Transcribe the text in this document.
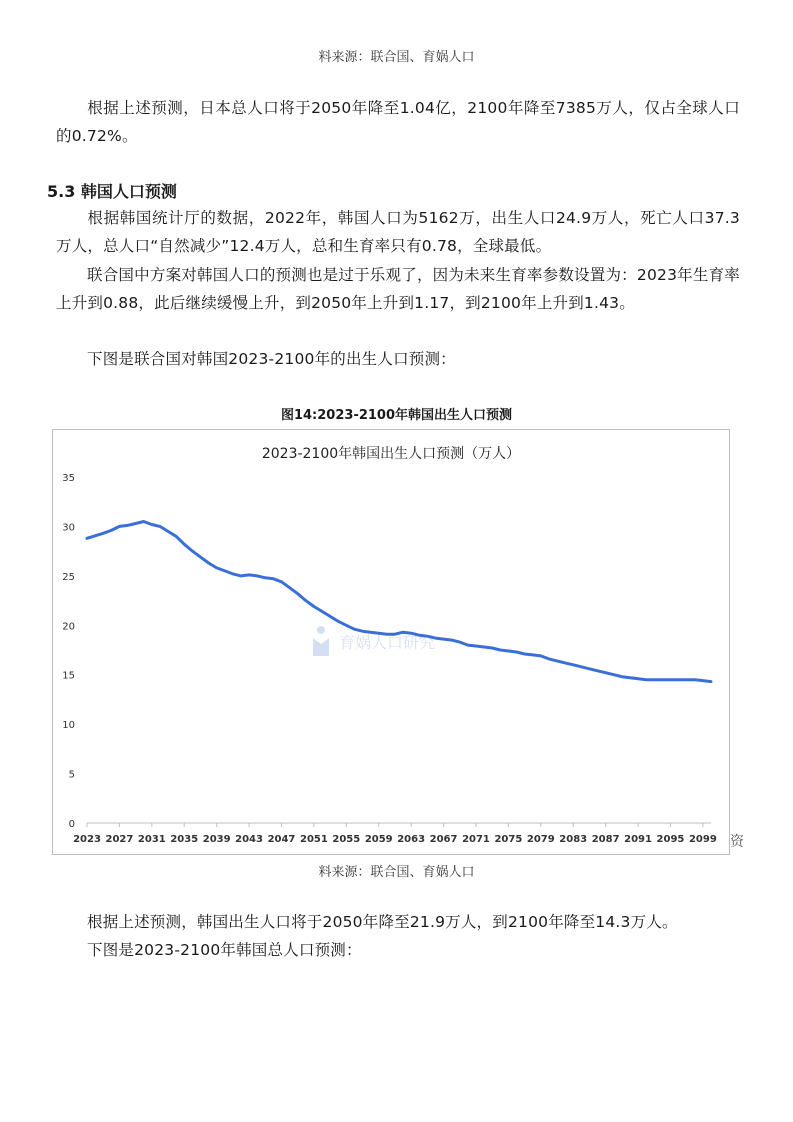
料来源：联合国、育娲人口

根据上述预测，日本总人口将于2050年降至1.04亿，2100年降至7385万人，仅占全球人口的0.72%。

5.3 韩国人口预测

根据韩国统计厅的数据，2022年，韩国人口为5162万，出生人口24.9万人，死亡人口37.3万人，总人口“自然减少”12.4万人，总和生育率只有0.78，全球最低。

联合国中方案对韩国人口的预测也是过于乐观了，因为未来生育率参数设置为：2023年生育率上升到0.88，此后继续缓慢上升，到2050年上升到1.17，到2100年上升到1.43。

下图是联合国对韩国2023-2100年的出生人口预测：

图14:2023-2100年韩国出生人口预测
2023-2100年韩国出生人口预测（万人）
育娲人口研究
0
5
10
15
20
25
30
35
2023 2027 2031 2035 2039 2043 2047 2051 2055 2059 2063 2067 2071 2075 2079 2083 2087 2091 2095 2099 资
料来源：联合国、育娲人口

根据上述预测，韩国出生人口将于2050年降至21.9万人，到2100年降至14.3万人。

下图是2023-2100年韩国总人口预测：
